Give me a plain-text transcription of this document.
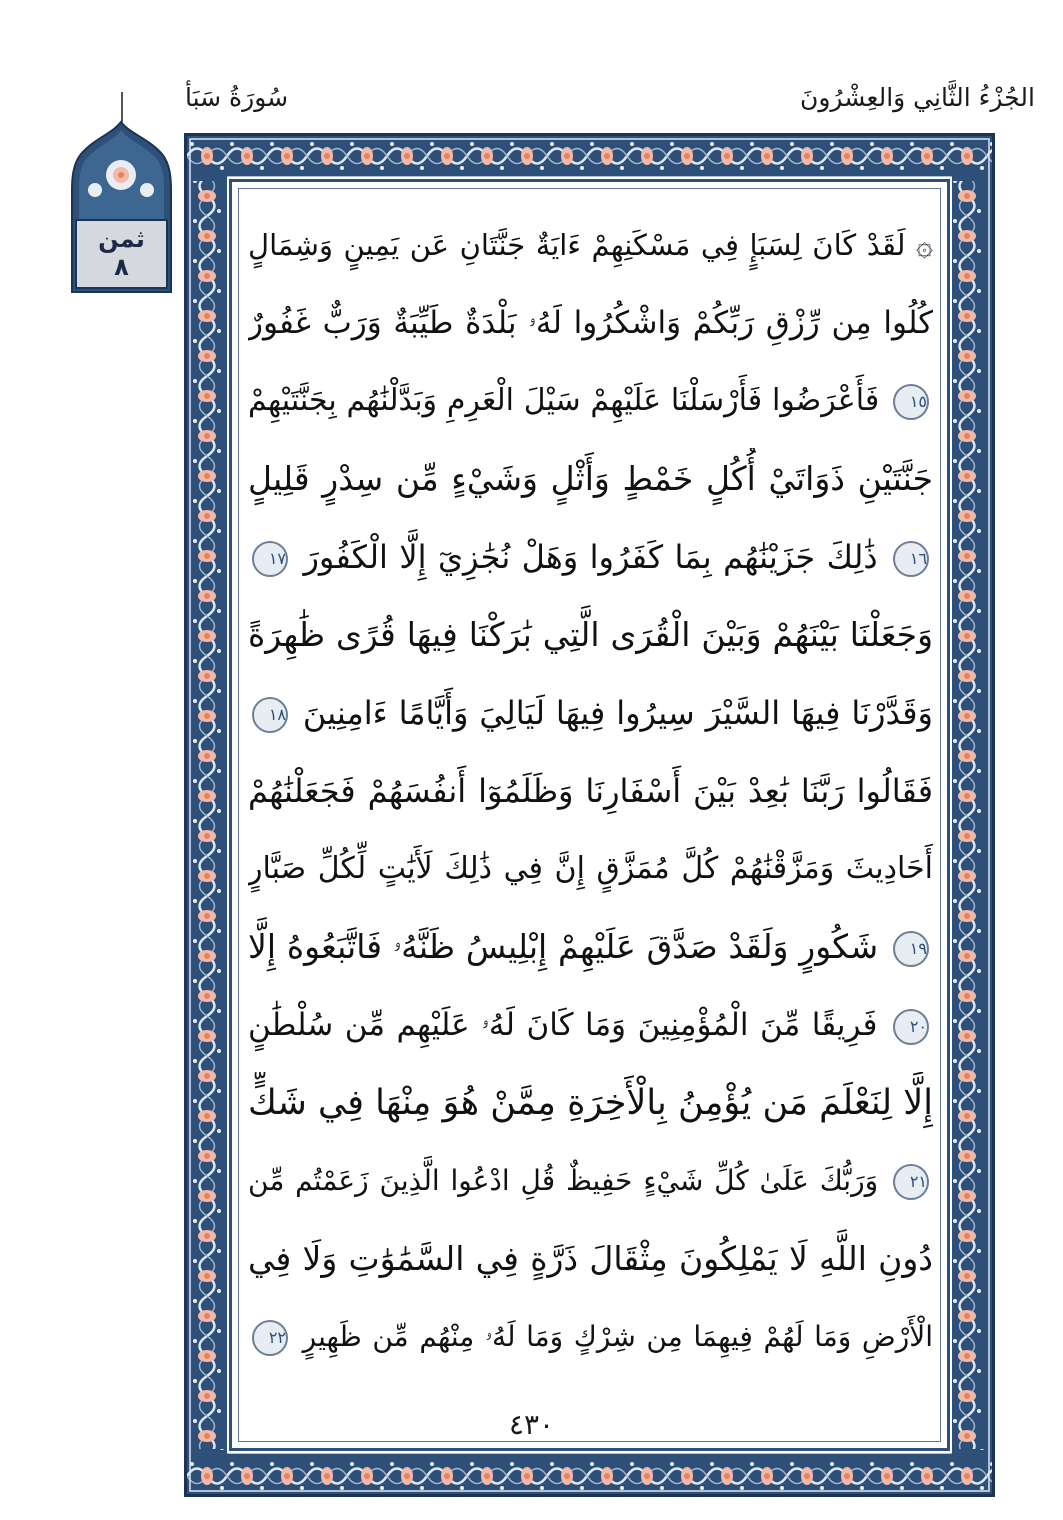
سُورَةُ سَبَأ	الجُزْءُ الثَّانِي وَالعِشْرُونَ
ثمن
٨
۞ لَقَدْ كَانَ لِسَبَإٍ فِي مَسْكَنِهِمْ ءَايَةٌ جَنَّتَانِ عَن يَمِينٍ وَشِمَالٍ
كُلُوا مِن رِّزْقِ رَبِّكُمْ وَاشْكُرُوا لَهُۥ بَلْدَةٌ طَيِّبَةٌ وَرَبٌّ غَفُورٌ
١٥ فَأَعْرَضُوا فَأَرْسَلْنَا عَلَيْهِمْ سَيْلَ الْعَرِمِ وَبَدَّلْنَٰهُم بِجَنَّتَيْهِمْ
جَنَّتَيْنِ ذَوَاتَيْ أُكُلٍ خَمْطٍ وَأَثْلٍ وَشَيْءٍ مِّن سِدْرٍ قَلِيلٍ
١٦ ذَٰلِكَ جَزَيْنَٰهُم بِمَا كَفَرُوا وَهَلْ نُجَٰزِيٓ إِلَّا الْكَفُورَ ١٧
وَجَعَلْنَا بَيْنَهُمْ وَبَيْنَ الْقُرَى الَّتِي بَٰرَكْنَا فِيهَا قُرًى ظَٰهِرَةً
وَقَدَّرْنَا فِيهَا السَّيْرَ سِيرُوا فِيهَا لَيَالِيَ وَأَيَّامًا ءَامِنِينَ ١٨
فَقَالُوا رَبَّنَا بَٰعِدْ بَيْنَ أَسْفَارِنَا وَظَلَمُوٓا أَنفُسَهُمْ فَجَعَلْنَٰهُمْ
أَحَادِيثَ وَمَزَّقْنَٰهُمْ كُلَّ مُمَزَّقٍ إِنَّ فِي ذَٰلِكَ لَأَيَٰتٍ لِّكُلِّ صَبَّارٍ
١٩ شَكُورٍ وَلَقَدْ صَدَّقَ عَلَيْهِمْ إِبْلِيسُ ظَنَّهُۥ فَاتَّبَعُوهُ إِلَّا
٢٠ فَرِيقًا مِّنَ الْمُؤْمِنِينَ وَمَا كَانَ لَهُۥ عَلَيْهِم مِّن سُلْطَٰنٍ
إِلَّا لِنَعْلَمَ مَن يُؤْمِنُ بِالْأَخِرَةِ مِمَّنْ هُوَ مِنْهَا فِي شَكٍّ
٢١ وَرَبُّكَ عَلَىٰ كُلِّ شَيْءٍ حَفِيظٌ قُلِ ادْعُوا الَّذِينَ زَعَمْتُم مِّن
دُونِ اللَّهِ لَا يَمْلِكُونَ مِثْقَالَ ذَرَّةٍ فِي السَّمَٰوَٰتِ وَلَا فِي
الْأَرْضِ وَمَا لَهُمْ فِيهِمَا مِن شِرْكٍ وَمَا لَهُۥ مِنْهُم مِّن ظَهِيرٍ ٢٢
٤٣٠
